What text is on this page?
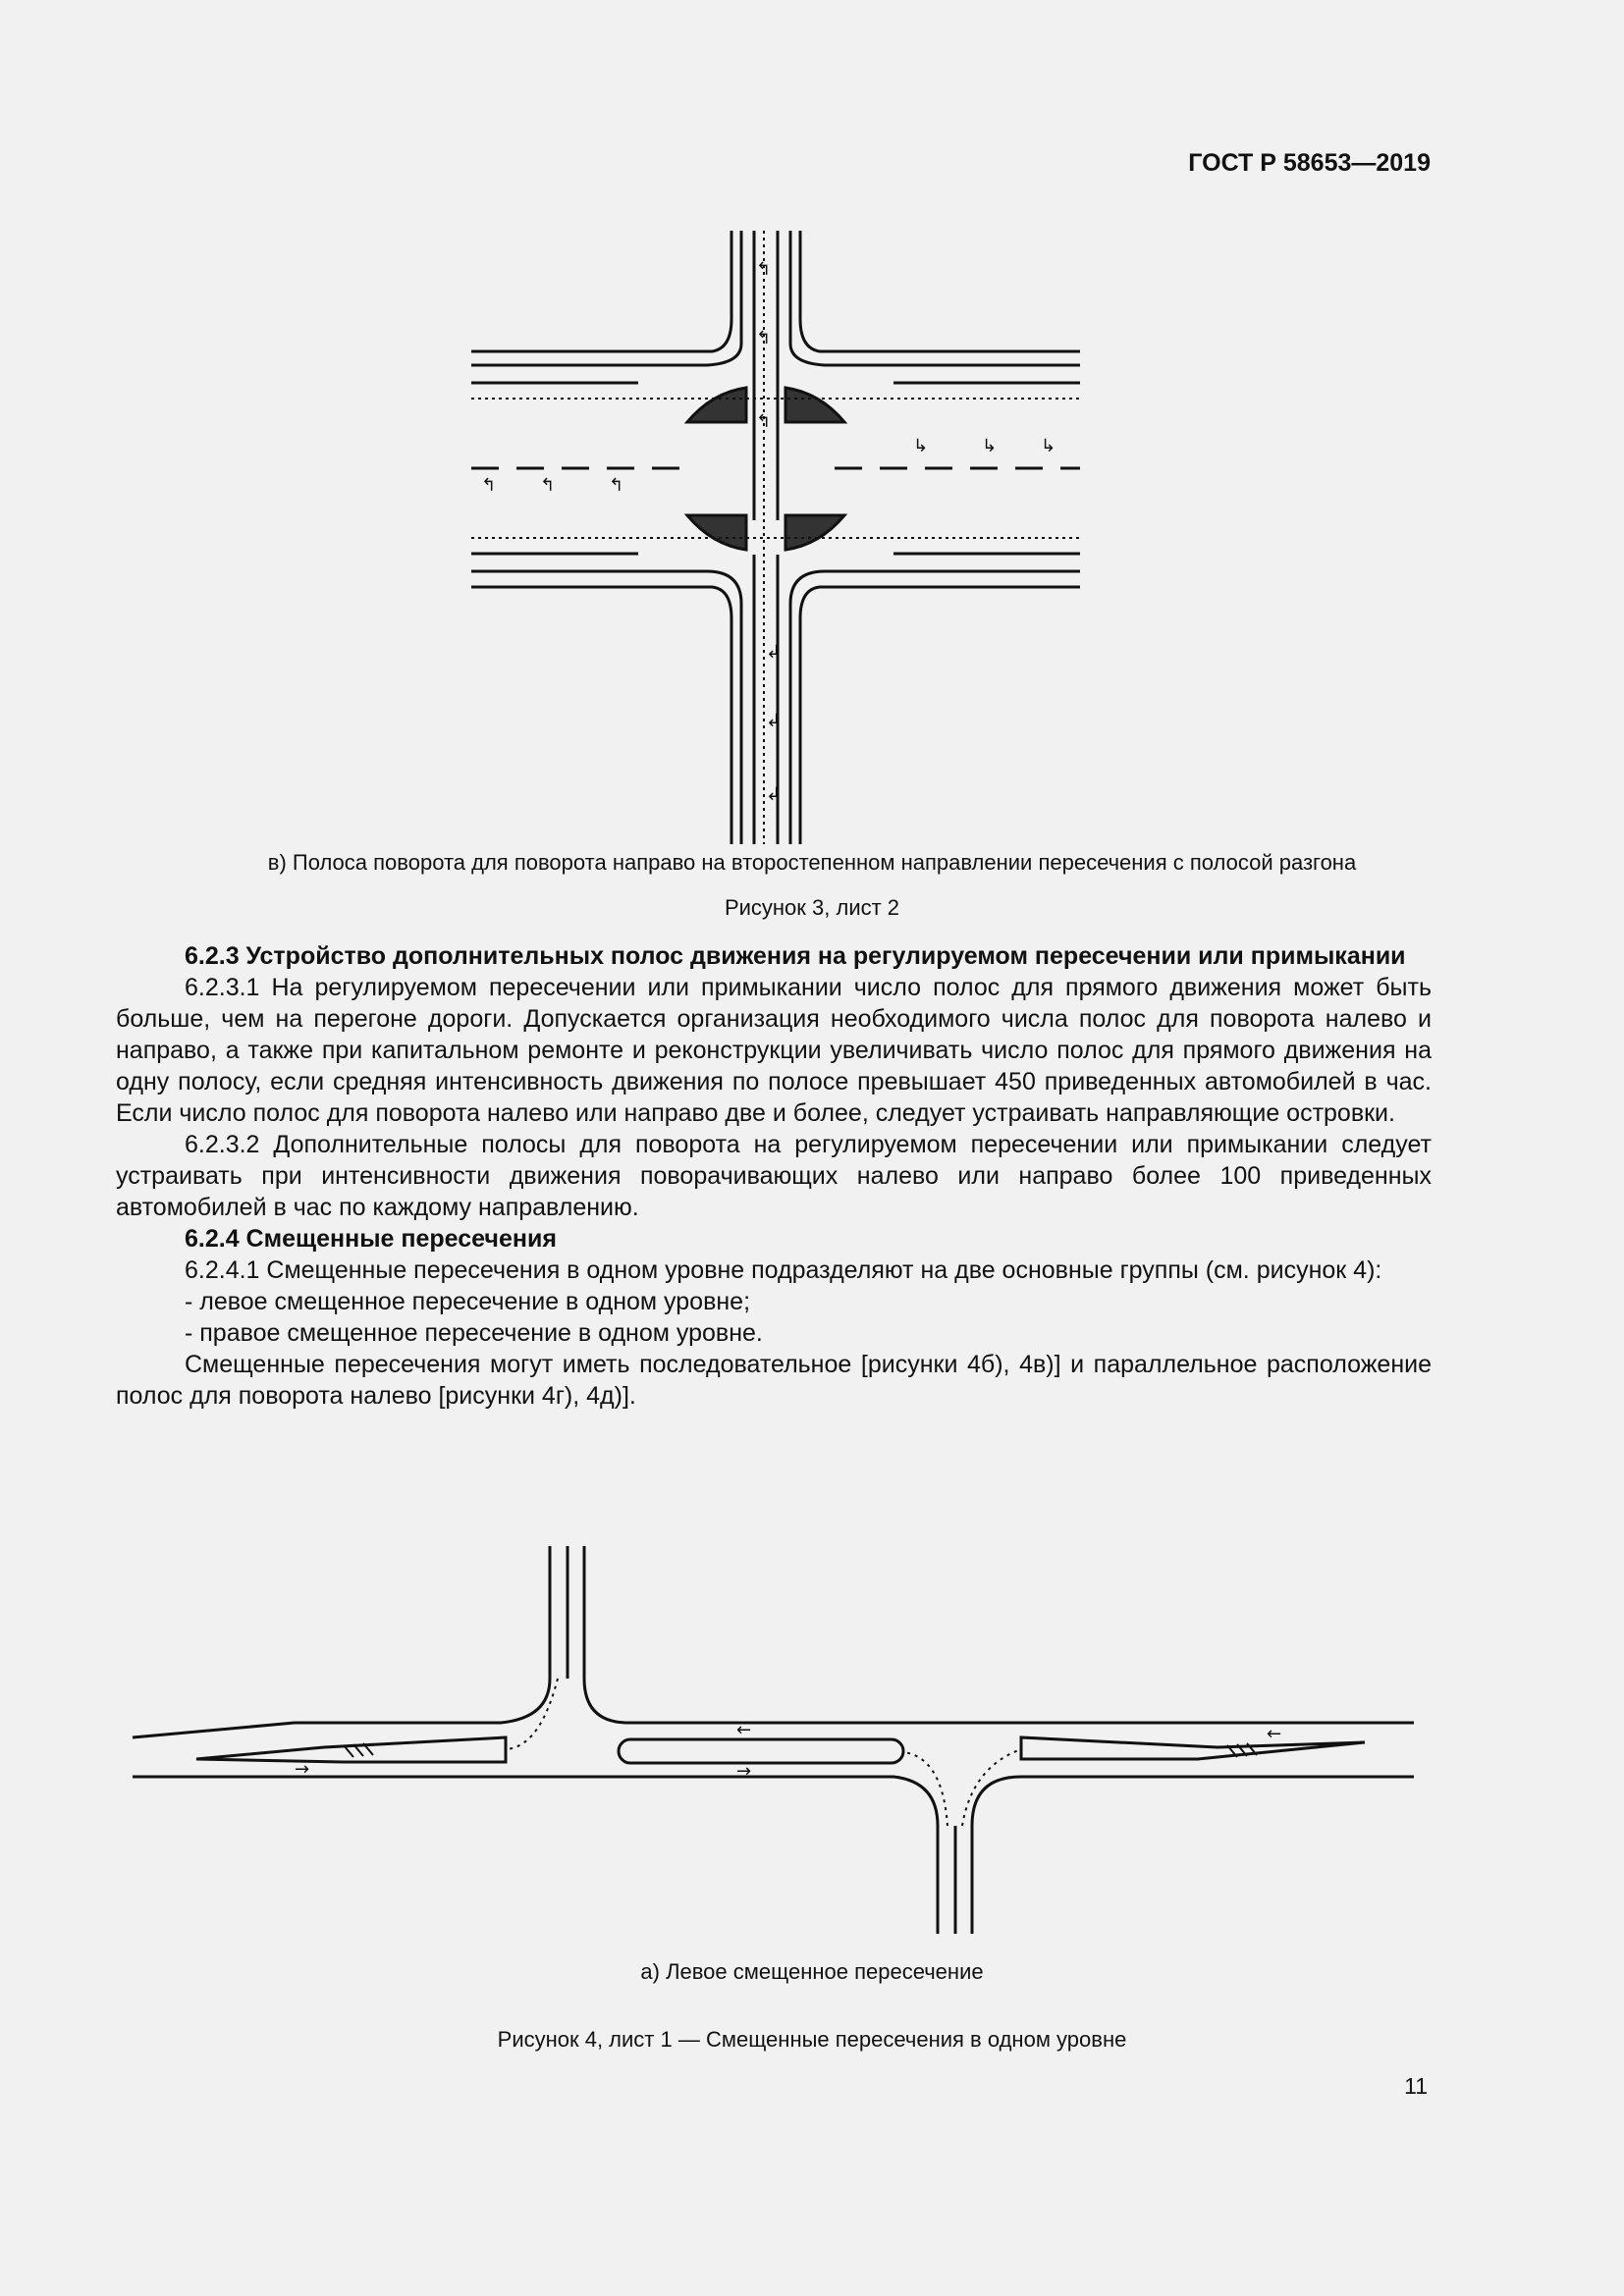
ГОСТ Р 58653—2019
↰
↰
↰
↲
↲
↲
↰ ↰	↰
↳	↳ ↳
в) Полоса поворота для поворота направо на второстепенном направлении пересечения с полосой разгона
Рисунок 3, лист 2

6.2.3 Устройство дополнительных полос движения на регулируемом пересечении или примыкании

6.2.3.1 На регулируемом пересечении или примыкании число полос для прямого движения может быть больше, чем на перегоне дороги. Допускается организация необходимого числа полос для поворота налево и направо, а также при капитальном ремонте и реконструкции увеличивать число полос для прямого движения на одну полосу, если средняя интенсивность движения по полосе превышает 450 приведенных автомобилей в час. Если число полос для поворота налево или направо две и более, следует устраивать направляющие островки.

6.2.3.2 Дополнительные полосы для поворота на регулируемом пересечении или примыкании следует устраивать при интенсивности движения поворачивающих налево или направо более 100 приведенных автомобилей в час по каждому направлению.

6.2.4 Смещенные пересечения

6.2.4.1 Смещенные пересечения в одном уровне подразделяют на две основные группы (см. рисунок 4):

- левое смещенное пересечение в одном уровне;

- правое смещенное пересечение в одном уровне.

Смещенные пересечения могут иметь последовательное [рисунки 4б), 4в)] и параллельное расположение полос для поворота налево [рисунки 4г), 4д)].

←
→
→
←
а) Левое смещенное пересечение
Рисунок 4, лист 1 — Смещенные пересечения в одном уровне
11
